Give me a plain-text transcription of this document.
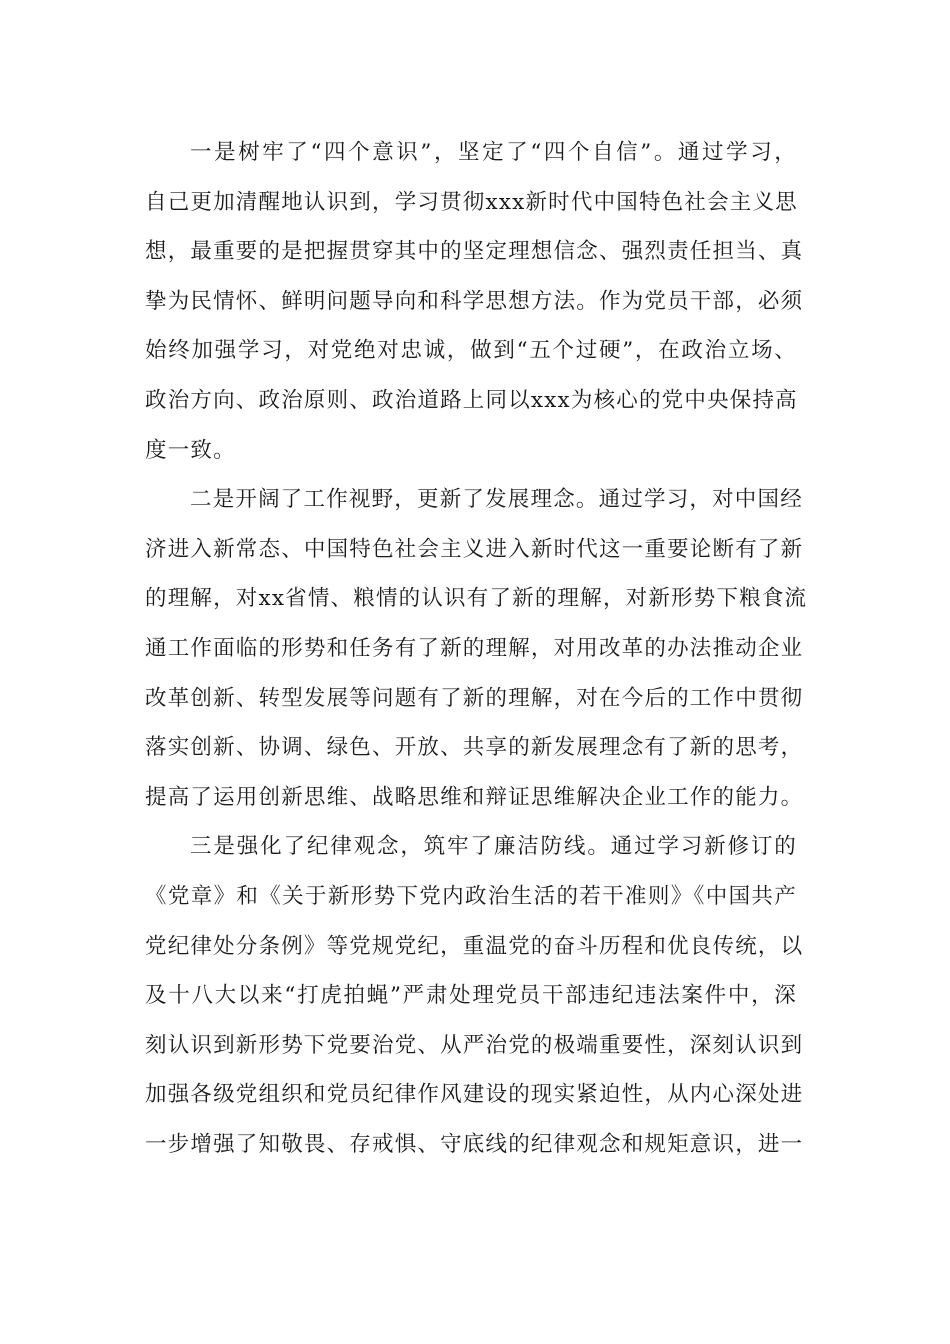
一是树牢了“四个意识”，坚定了“四个自信”。通过学习，
自己更加清醒地认识到，学习贯彻xxx新时代中国特色社会主义思
想，最重要的是把握贯穿其中的坚定理想信念、强烈责任担当、真
挚为民情怀、鲜明问题导向和科学思想方法。作为党员干部，必须
始终加强学习，对党绝对忠诚，做到“五个过硬”，在政治立场、
政治方向、政治原则、政治道路上同以xxx为核心的党中央保持高
度一致。
二是开阔了工作视野，更新了发展理念。通过学习，对中国经
济进入新常态、中国特色社会主义进入新时代这一重要论断有了新
的理解，对xx省情、粮情的认识有了新的理解，对新形势下粮食流
通工作面临的形势和任务有了新的理解，对用改革的办法推动企业
改革创新、转型发展等问题有了新的理解，对在今后的工作中贯彻
落实创新、协调、绿色、开放、共享的新发展理念有了新的思考，
提高了运用创新思维、战略思维和辩证思维解决企业工作的能力。
三是强化了纪律观念，筑牢了廉洁防线。通过学习新修订的
《党章》和《关于新形势下党内政治生活的若干准则》《中国共产
党纪律处分条例》等党规党纪，重温党的奋斗历程和优良传统，以
及十八大以来“打虎拍蝇”严肃处理党员干部违纪违法案件中，深
刻认识到新形势下党要治党、从严治党的极端重要性，深刻认识到
加强各级党组织和党员纪律作风建设的现实紧迫性，从内心深处进
一步增强了知敬畏、存戒惧、守底线的纪律观念和规矩意识，进一
